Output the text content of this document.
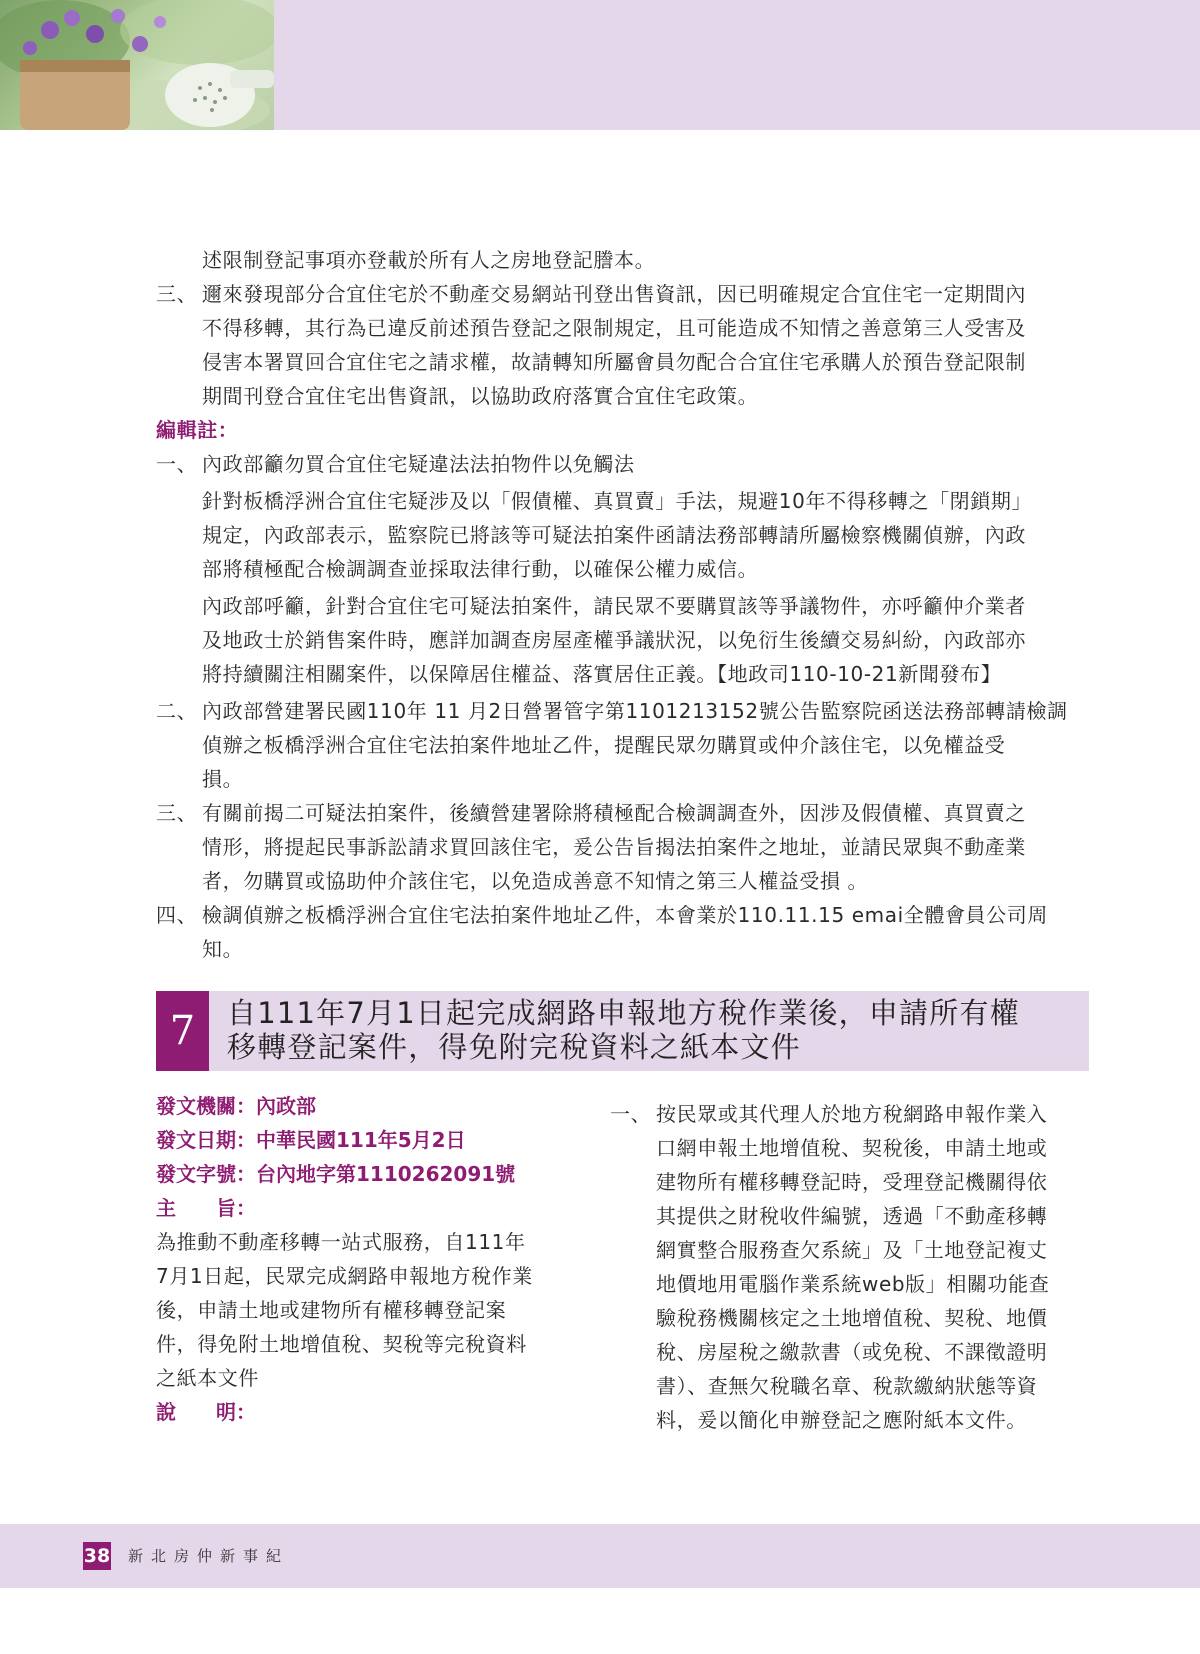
述限制登記事項亦登載於所有人之房地登記謄本。

三、 邇來發現部分合宜住宅於不動產交易網站刊登出售資訊，因已明確規定合宜住宅一定期間內
不得移轉，其行為已違反前述預告登記之限制規定，且可能造成不知情之善意第三人受害及
侵害本署買回合宜住宅之請求權，故請轉知所屬會員勿配合合宜住宅承購人於預告登記限制
期間刊登合宜住宅出售資訊，以協助政府落實合宜住宅政策。

編輯註：

一、 內政部籲勿買合宜住宅疑違法法拍物件以免觸法
針對板橋浮洲合宜住宅疑涉及以「假債權、真買賣」手法，規避10年不得移轉之「閉鎖期」
規定，內政部表示，監察院已將該等可疑法拍案件函請法務部轉請所屬檢察機關偵辦，內政
部將積極配合檢調調查並採取法律行動，以確保公權力威信。
內政部呼籲，針對合宜住宅可疑法拍案件，請民眾不要購買該等爭議物件，亦呼籲仲介業者
及地政士於銷售案件時，應詳加調查房屋產權爭議狀況，以免衍生後續交易糾紛，內政部亦
將持續關注相關案件，以保障居住權益、落實居住正義。【地政司110-10-21新聞發布】
二、 內政部營建署民國110年 11 月2日營署管字第1101213152號公告監察院函送法務部轉請檢調
偵辦之板橋浮洲合宜住宅法拍案件地址乙件，提醒民眾勿購買或仲介該住宅，以免權益受
損。
三、 有關前揭二可疑法拍案件，後續營建署除將積極配合檢調調查外，因涉及假債權、真買賣之
情形，將提起民事訴訟請求買回該住宅，爰公告旨揭法拍案件之地址，並請民眾與不動產業
者，勿購買或協助仲介該住宅，以免造成善意不知情之第三人權益受損 。
四、 檢調偵辦之板橋浮洲合宜住宅法拍案件地址乙件，本會業於110.11.15 emai全體會員公司周
知。
7	自111年7月1日起完成網路申報地方稅作業後，申請所有權
移轉登記案件，得免附完稅資料之紙本文件

發文機關：內政部

發文日期：中華民國111年5月2日

發文字號：台內地字第1110262091號

主　　旨：

為推動不動產移轉一站式服務，自111年

7月1日起，民眾完成網路申報地方稅作業

後，申請土地或建物所有權移轉登記案

件，得免附土地增值稅、契稅等完稅資料

之紙本文件

說　　明：

一、 按民眾或其代理人於地方稅網路申報作業入
口網申報土地增值稅、契稅後，申請土地或
建物所有權移轉登記時，受理登記機關得依
其提供之財稅收件編號，透過「不動產移轉
網實整合服務查欠系統」及「土地登記複丈
地價地用電腦作業系統web版」相關功能查
驗稅務機關核定之土地增值稅、契稅、地價
稅、房屋稅之繳款書（或免稅、不課徵證明
書）、查無欠稅職名章、稅款繳納狀態等資
料，爰以簡化申辦登記之應附紙本文件。
38 新北房仲新事紀
